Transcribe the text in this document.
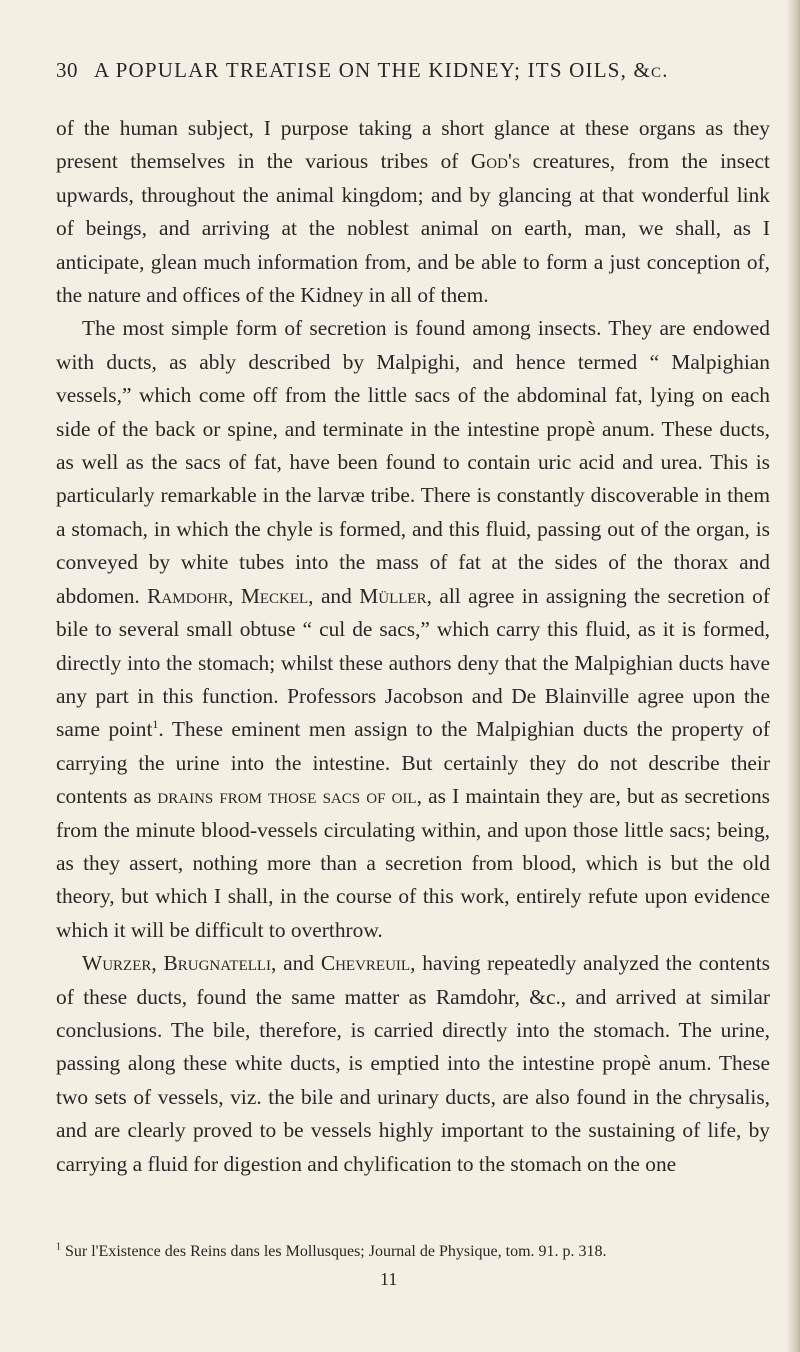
30 A POPULAR TREATISE ON THE KIDNEY; ITS OILS, &c.

of the human subject, I purpose taking a short glance at these organs as they present themselves in the various tribes of God's creatures, from the insect upwards, throughout the animal kingdom; and by glancing at that wonderful link of beings, and arriving at the noblest animal on earth, man, we shall, as I anticipate, glean much information from, and be able to form a just conception of, the nature and offices of the Kidney in all of them.

The most simple form of secretion is found among insects. They are endowed with ducts, as ably described by Malpighi, and hence termed “ Malpighian vessels,” which come off from the little sacs of the abdominal fat, lying on each side of the back or spine, and terminate in the intestine propè anum. These ducts, as well as the sacs of fat, have been found to contain uric acid and urea. This is particularly remarkable in the larvæ tribe. There is constantly discoverable in them a stomach, in which the chyle is formed, and this fluid, passing out of the organ, is conveyed by white tubes into the mass of fat at the sides of the thorax and abdomen. Ramdohr, Meckel, and Müller, all agree in assigning the secretion of bile to several small obtuse “ cul de sacs,” which carry this fluid, as it is formed, directly into the stomach; whilst these authors deny that the Malpighian ducts have any part in this function. Professors Jacobson and De Blainville agree upon the same point$^1$. These eminent men assign to the Malpighian ducts the property of carrying the urine into the intestine. But certainly they do not describe their contents as drains from those sacs of oil, as I maintain they are, but as secretions from the minute blood-vessels circulating within, and upon those little sacs; being, as they assert, nothing more than a secretion from blood, which is but the old theory, but which I shall, in the course of this work, entirely refute upon evidence which it will be difficult to overthrow.

Wurzer, Brugnatelli, and Chevreuil, having repeatedly analyzed the contents of these ducts, found the same matter as Ramdohr, &c., and arrived at similar conclusions. The bile, therefore, is carried directly into the stomach. The urine, passing along these white ducts, is emptied into the intestine propè anum. These two sets of vessels, viz. the bile and urinary ducts, are also found in the chrysalis, and are clearly proved to be vessels highly important to the sustaining of life, by carrying a fluid for digestion and chylification to the stomach on the one

$^1$ Sur l'Existence des Reins dans les Mollusques; Journal de Physique, tom. 91. p. 318.
11
